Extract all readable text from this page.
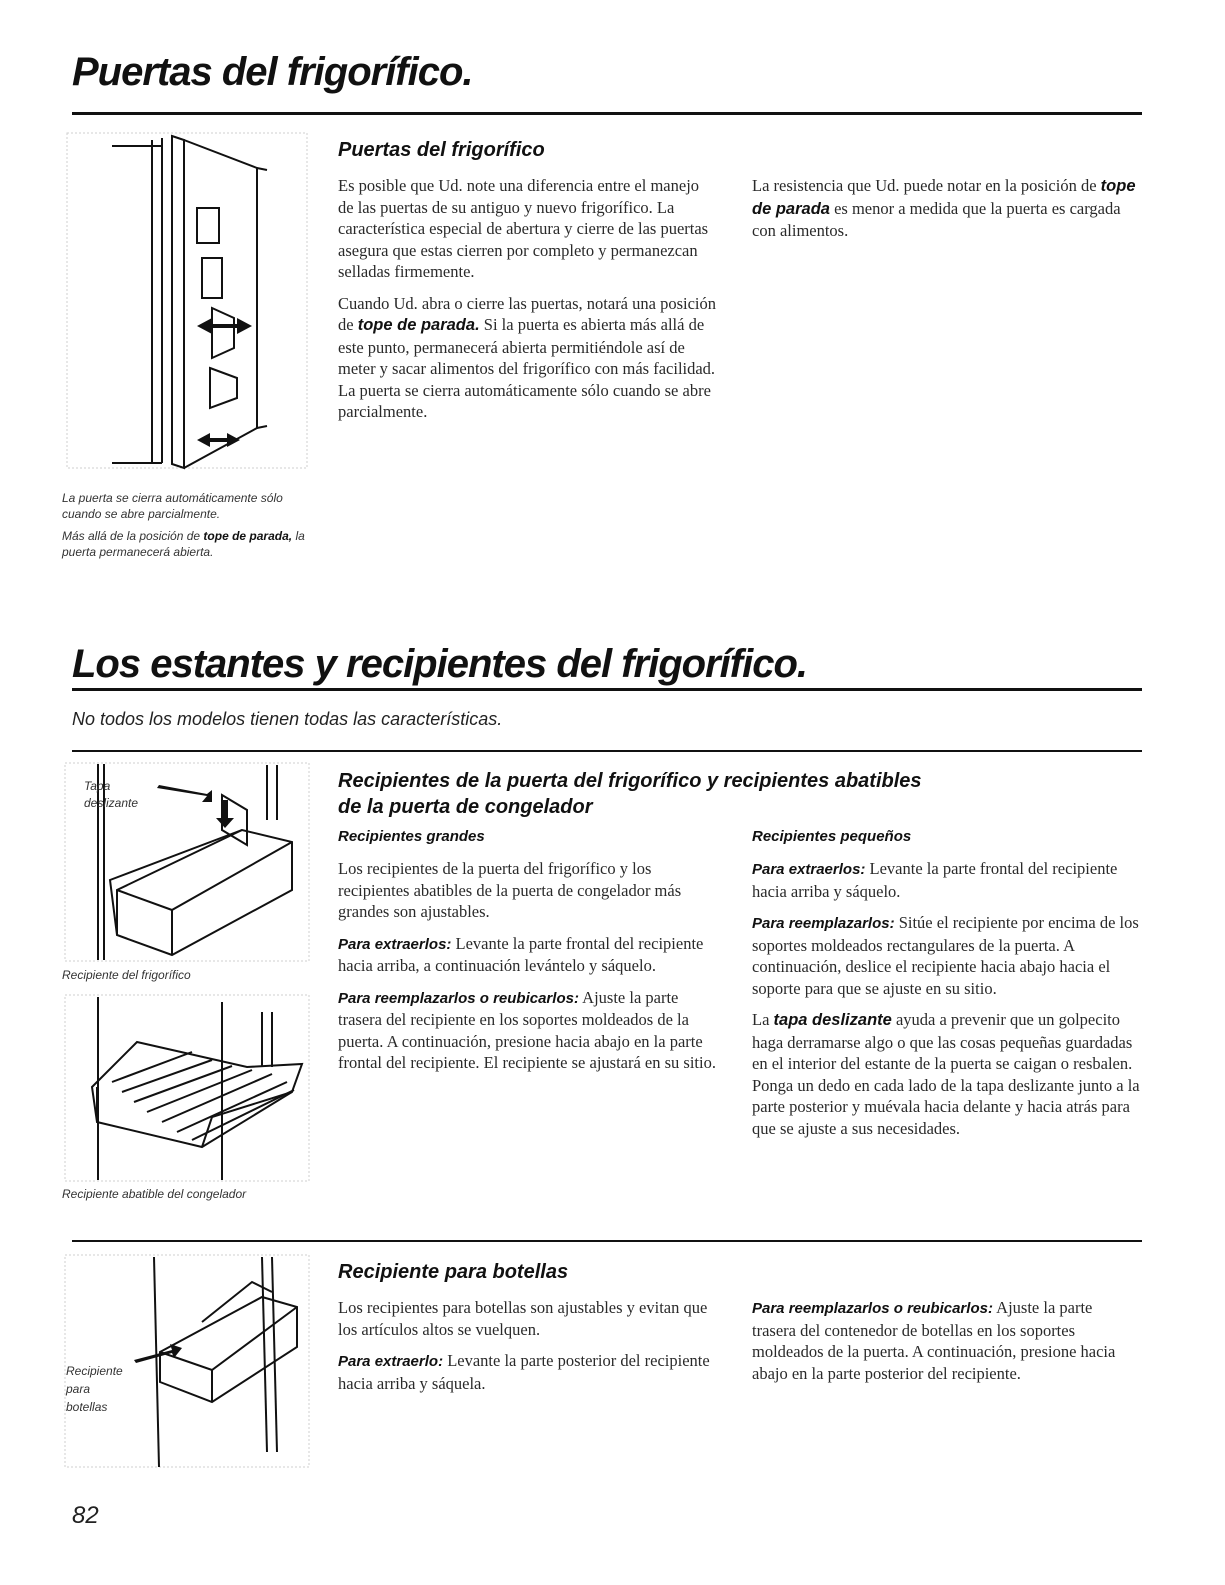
Puertas del frigorífico.

La puerta se cierra automáticamente sólo cuando se abre parcialmente.

Más allá de la posición de tope de parada, la puerta permanecerá abierta.

Puertas del frigorífico

Es posible que Ud. note una diferencia entre el manejo de las puertas de su antiguo y nuevo frigorífico. La característica especial de abertura y cierre de las puertas asegura que estas cierren por completo y permanezcan selladas firmemente.

Cuando Ud. abra o cierre las puertas, notará una posición de tope de parada. Si la puerta es abierta más allá de este punto, permanecerá abierta permitiéndole así de meter y sacar alimentos del frigorífico con más facilidad. La puerta se cierra automáticamente sólo cuando se abre parcialmente.

La resistencia que Ud. puede notar en la posición de tope de parada es menor a medida que la puerta es cargada con alimentos.

Los estantes y recipientes del frigorífico.
No todos los modelos tienen todas las características.
Tapa
deslizante
Recipiente del frigorífico
Recipiente abatible del congelador
Recipientes de la puerta del frigorífico y recipientes abatibles
de la puerta de congelador
Recipientes grandes

Los recipientes de la puerta del frigorífico y los recipientes abatibles de la puerta de congelador más grandes son ajustables.

Para extraerlos: Levante la parte frontal del recipiente hacia arriba, a continuación levántelo y sáquelo.

Para reemplazarlos o reubicarlos: Ajuste la parte trasera del recipiente en los soportes moldeados de la puerta. A continuación, presione hacia abajo en la parte frontal del recipiente. El recipiente se ajustará en su sitio.

Recipientes pequeños

Para extraerlos: Levante la parte frontal del recipiente hacia arriba y sáquelo.

Para reemplazarlos: Sitúe el recipiente por encima de los soportes moldeados rectangulares de la puerta. A continuación, deslice el recipiente hacia abajo hacia el soporte para que se ajuste en su sitio.

La tapa deslizante ayuda a prevenir que un golpecito haga derramarse algo o que las cosas pequeñas guardadas en el interior del estante de la puerta se caigan o resbalen. Ponga un dedo en cada lado de la tapa deslizante junto a la parte posterior y muévala hacia delante y hacia atrás para que se ajuste a sus necesidades.

Recipiente
para
botellas
Recipiente para botellas

Los recipientes para botellas son ajustables y evitan que los artículos altos se vuelquen.

Para extraerlo: Levante la parte posterior del recipiente hacia arriba y sáquela.

Para reemplazarlos o reubicarlos: Ajuste la parte trasera del contenedor de botellas en los soportes moldeados de la puerta. A continuación, presione hacia abajo en la parte posterior del recipiente.

82
